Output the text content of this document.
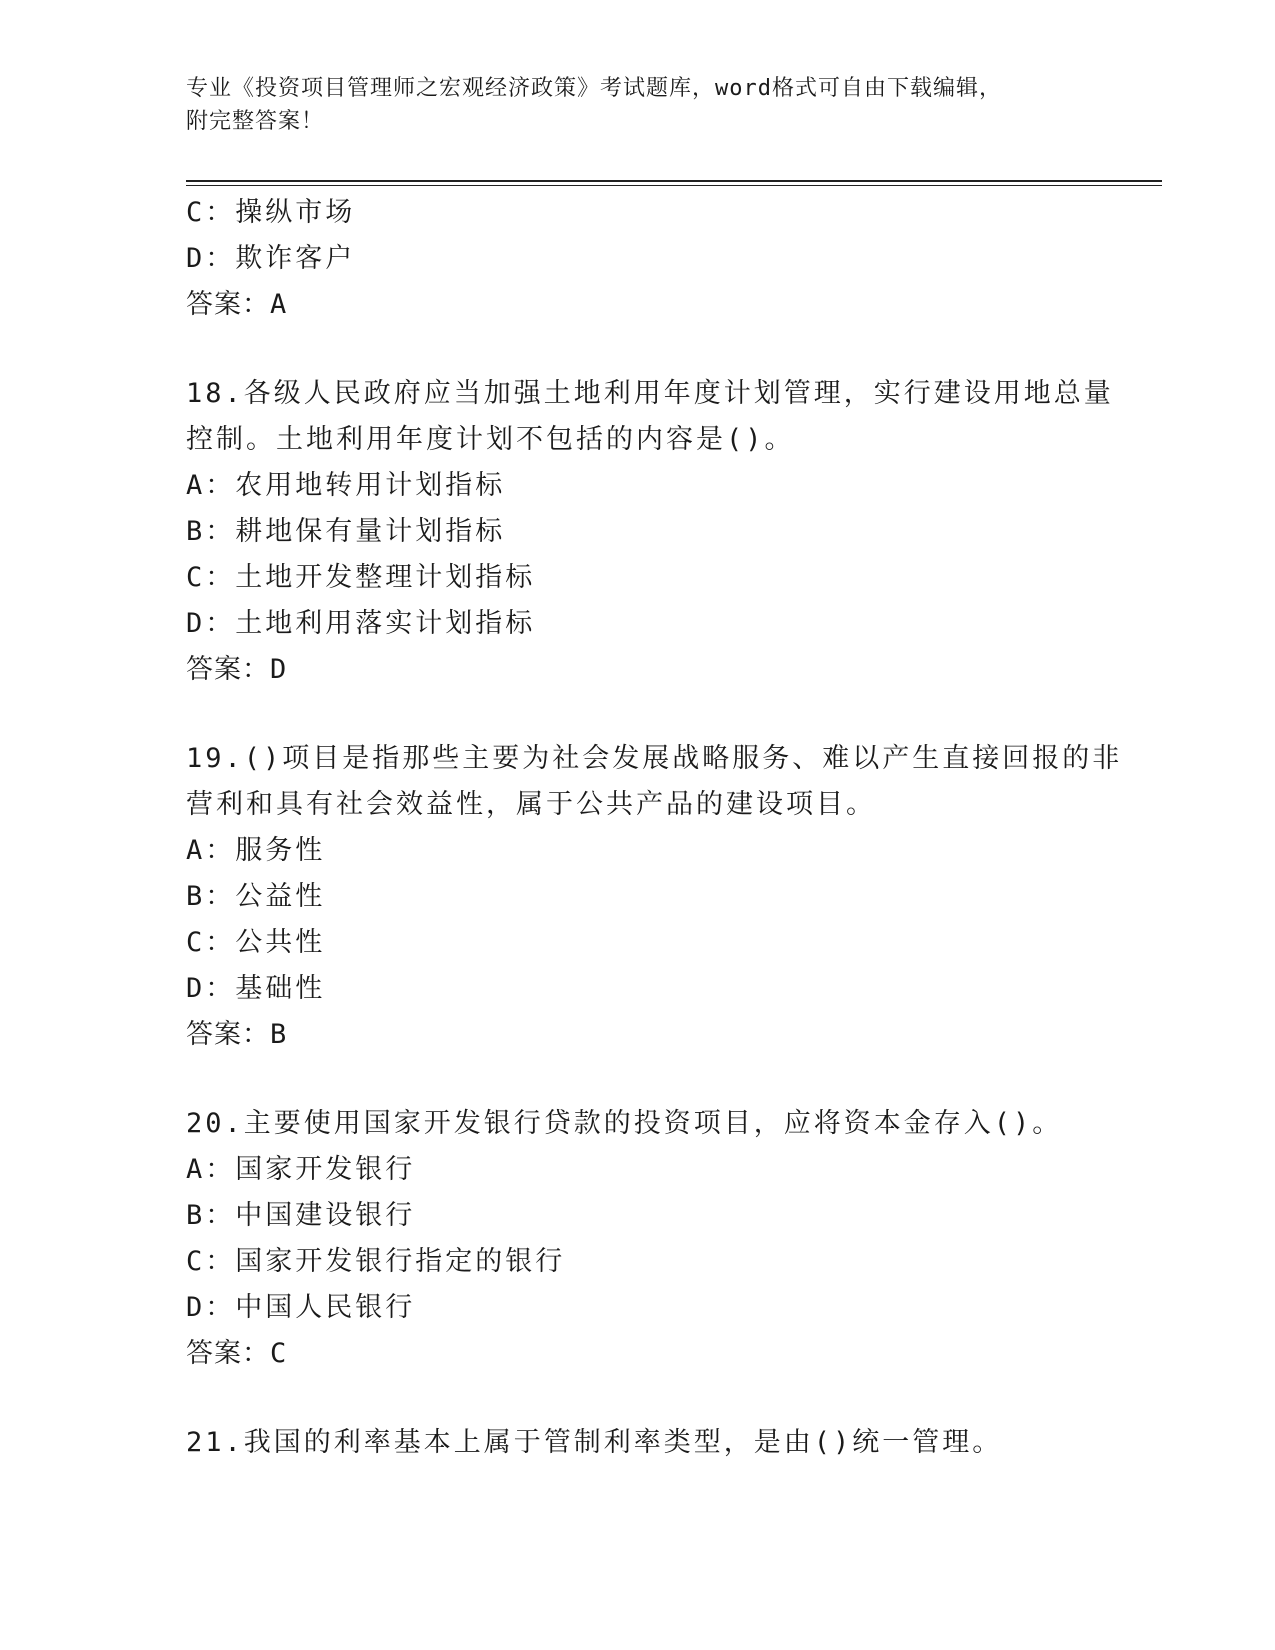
专业《投资项目管理师之宏观经济政策》考试题库，word格式可自由下载编辑，
附完整答案！
C：操纵市场
D：欺诈客户
答案：A
18.各级人民政府应当加强土地利用年度计划管理，实行建设用地总量
控制。土地利用年度计划不包括的内容是()。
A：农用地转用计划指标
B：耕地保有量计划指标
C：土地开发整理计划指标
D：土地利用落实计划指标
答案：D
19.()项目是指那些主要为社会发展战略服务、难以产生直接回报的非
营利和具有社会效益性，属于公共产品的建设项目。
A：服务性
B：公益性
C：公共性
D：基础性
答案：B
20.主要使用国家开发银行贷款的投资项目，应将资本金存入()。
A：国家开发银行
B：中国建设银行
C：国家开发银行指定的银行
D：中国人民银行
答案：C
21.我国的利率基本上属于管制利率类型，是由()统一管理。
